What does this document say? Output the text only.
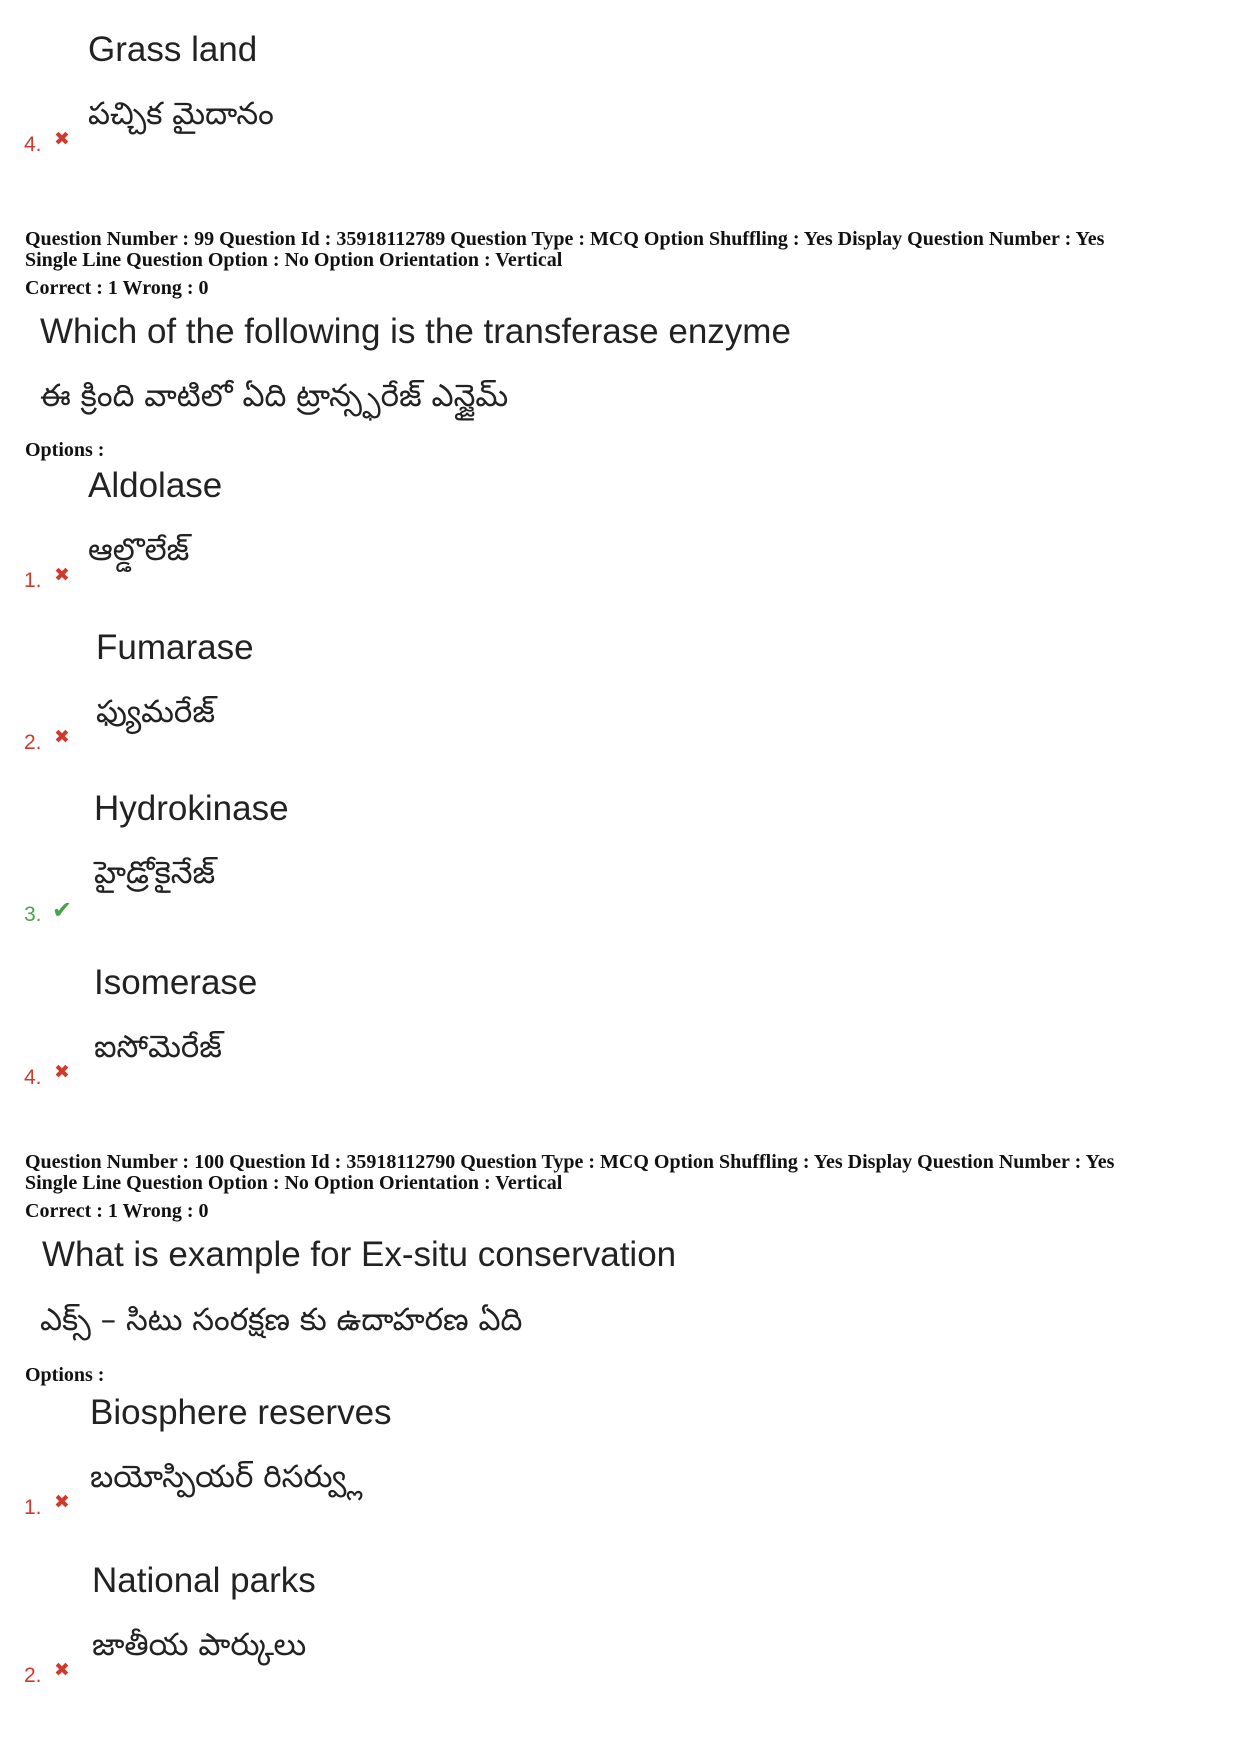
Grass land
పచ్చిక మైదానం
4. ✖
Question Number : 99 Question Id : 35918112789 Question Type : MCQ Option Shuffling : Yes Display Question Number : Yes
Single Line Question Option : No Option Orientation : Vertical
Correct : 1 Wrong : 0
Which of the following is the transferase enzyme
ఈ క్రింది వాటిలో ఏది ట్రాన్స్ఫరేజ్ ఎన్జైమ్
Options :
Aldolase
ఆల్డొలేజ్
1. ✖
Fumarase
ఫ్యుమరేజ్
2. ✖
Hydrokinase
హైడ్రోకైనేజ్
3. ✔
Isomerase
ఐసోమెరేజ్
4. ✖
Question Number : 100 Question Id : 35918112790 Question Type : MCQ Option Shuffling : Yes Display Question Number : Yes
Single Line Question Option : No Option Orientation : Vertical
Correct : 1 Wrong : 0
What is example for Ex-situ conservation
ఎక్స్ – సిటు సంరక్షణ కు ఉదాహరణ ఏది
Options :
Biosphere reserves
బయోస్పియర్ రిసర్వ్లు
1. ✖
National parks
జాతీయ పార్కులు
2. ✖
